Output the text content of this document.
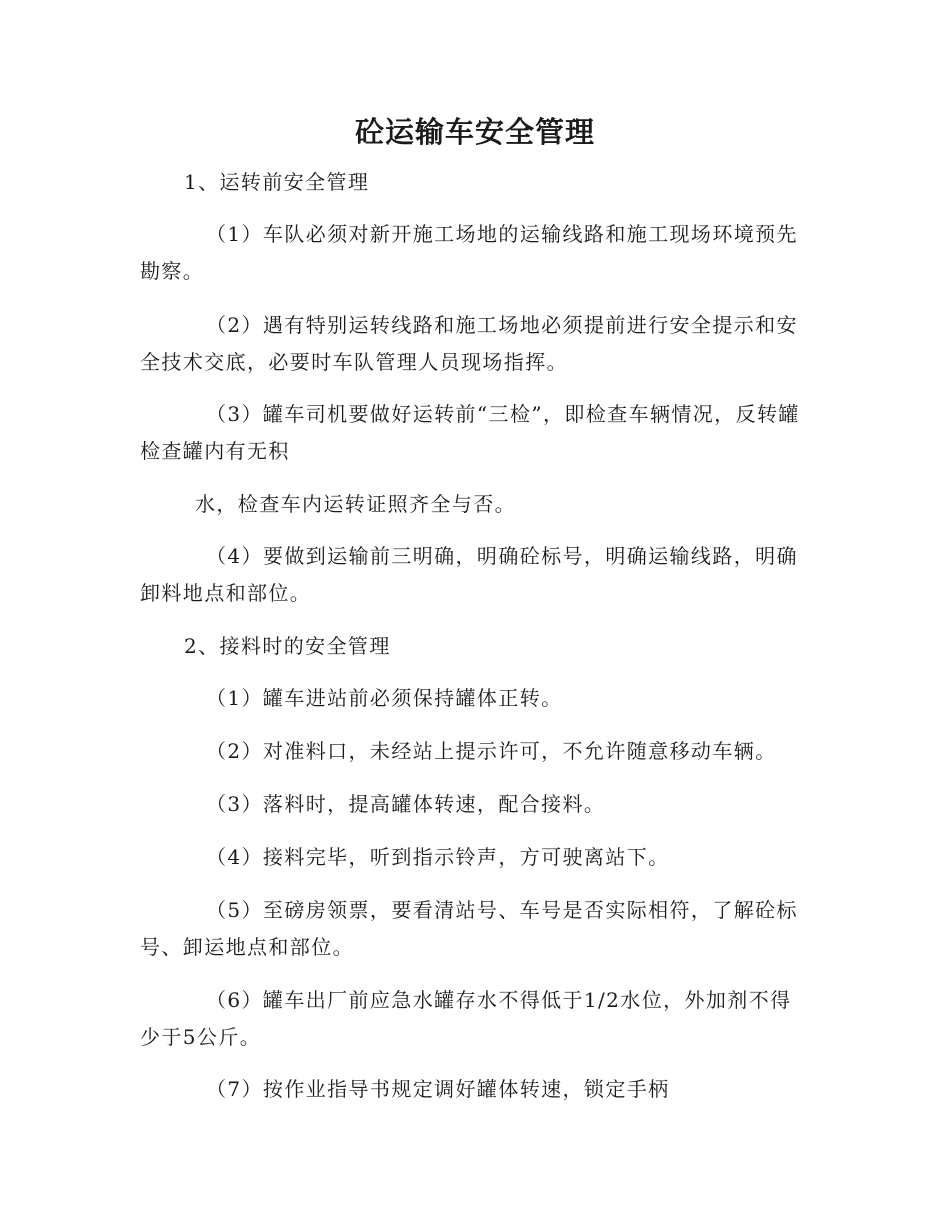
砼运输车安全管理

1、运转前安全管理

（1）车队必须对新开施工场地的运输线路和施工现场环境预先勘察。

（2）遇有特别运转线路和施工场地必须提前进行安全提示和安全技术交底，必要时车队管理人员现场指挥。

（3）罐车司机要做好运转前“三检”，即检查车辆情况，反转罐检查罐内有无积

水，检查车内运转证照齐全与否。

（4）要做到运输前三明确，明确砼标号，明确运输线路，明确卸料地点和部位。

2、接料时的安全管理

（1）罐车进站前必须保持罐体正转。

（2）对准料口，未经站上提示许可，不允许随意移动车辆。

（3）落料时，提高罐体转速，配合接料。

（4）接料完毕，听到指示铃声，方可驶离站下。

（5）至磅房领票，要看清站号、车号是否实际相符，了解砼标号、卸运地点和部位。

（6）罐车出厂前应急水罐存水不得低于1/2水位，外加剂不得少于5公斤。

（7）按作业指导书规定调好罐体转速，锁定手柄
